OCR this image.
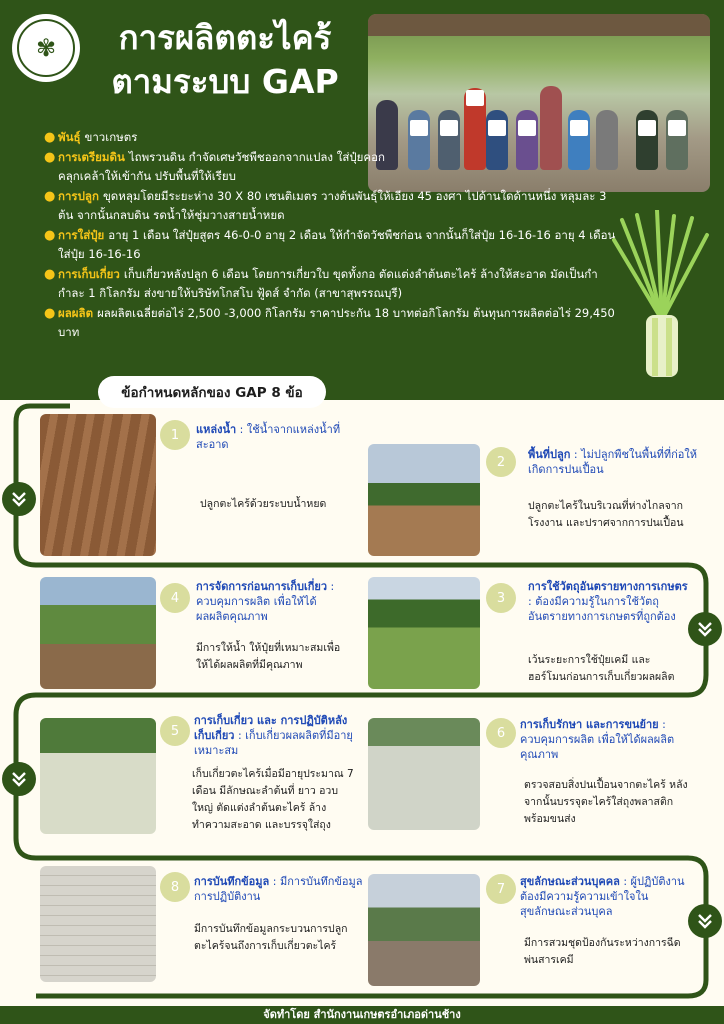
✾	การผลิตตะไคร้
ตามระบบ GAP
● พันธุ์ ขาวเกษตร
● การเตรียมดิน ไถพรวนดิน กำจัดเศษวัชพืชออกจากแปลง ใส่ปุ๋ยคอกคลุกเคล้าให้เข้ากัน ปรับพื้นที่ให้เรียบ
● การปลูก ขุดหลุมโดยมีระยะห่าง 30 X 80 เซนติเมตร วางต้นพันธุ์ให้เอียง 45 องศา ไปด้านใดด้านหนึ่ง หลุมละ 3 ต้น จากนั้นกลบดิน รดน้ำให้ชุ่มวางสายน้ำหยด
● การใส่ปุ๋ย อายุ 1 เดือน ใส่ปุ๋ยสูตร 46-0-0 อายุ 2 เดือน ให้กำจัดวัชพืชก่อน จากนั้นก็ใส่ปุ๋ย 16-16-16 อายุ 4 เดือน ใส่ปุ๋ย 16-16-16
● การเก็บเกี่ยว เก็บเกี่ยวหลังปลูก 6 เดือน โดยการเกี่ยวใบ ขุดทั้งกอ ตัดแต่งลำต้นตะไคร้ ล้างให้สะอาด มัดเป็นกำ กำละ 1 กิโลกรัม ส่งขายให้บริษัทโกสโบ ฟู้ดส์ จำกัด (สาขาสุพรรณบุรี)
● ผลผลิต ผลผลิตเฉลี่ยต่อไร่ 2,500 -3,000 กิโลกรัม ราคาประกัน 18 บาทต่อกิโลกรัม ต้นทุนการผลิตต่อไร่ 29,450 บาท
ข้อกำหนดหลักของ GAP 8 ข้อ
1	แหล่งน้ำ : ใช้น้ำจากแหล่งน้ำที่สะอาด
ปลูกตะไคร้ด้วยระบบน้ำหยด
2	พื้นที่ปลูก : ไม่ปลูกพืชในพื้นที่ที่ก่อให้เกิดการปนเปื้อน
ปลูกตะไคร้ในบริเวณที่ห่างไกลจากโรงงาน และปราศจากการปนเปื้อน
4
การจัดการก่อนการเก็บเกี่ยว : ควบคุมการผลิต เพื่อให้ได้ผลผลิตคุณภาพ
มีการให้น้ำ ให้ปุ๋ยที่เหมาะสมเพื่อให้ได้ผลผลิตที่มีคุณภาพ
3
การใช้วัตถุอันตรายทางการเกษตร : ต้องมีความรู้ในการใช้วัตถุอันตรายทางการเกษตรที่ถูกต้อง
เว้นระยะการใช้ปุ๋ยเคมี และฮอร์โมนก่อนการเก็บเกี่ยวผลผลิต
5
การเก็บเกี่ยว และ การปฏิบัติหลังเก็บเกี่ยว : เก็บเกี่ยวผลผลิตที่มีอายุเหมาะสม
เก็บเกี่ยวตะไคร้เมื่อมีอายุประมาณ 7 เดือน มีลักษณะลำต้นที่ ยาว อวบ ใหญ่ ตัดแต่งลำต้นตะไคร้ ล้างทำความสะอาด และบรรจุใส่ถุง
6
การเก็บรักษา และการขนย้าย : ควบคุมการผลิต เพื่อให้ได้ผลผลิตคุณภาพ
ตรวจสอบสิ่งปนเปื้อนจากตะไคร้ หลังจากนั้นบรรจุตะไคร้ใส่ถุงพลาสติก พร้อมขนส่ง
8	การบันทึกข้อมูล : มีการบันทึกข้อมูลการปฏิบัติงาน
มีการบันทึกข้อมูลกระบวนการปลูกตะไคร้จนถึงการเก็บเกี่ยวตะไคร้
7	สุขลักษณะส่วนบุคคล : ผู้ปฏิบัติงานต้องมีความรู้ความเข้าใจในสุขลักษณะส่วนบุคล
มีการสวมชุดป้องกันระหว่างการฉีดพ่นสารเคมี
จัดทำโดย สำนักงานเกษตรอำเภอด่านช้าง
